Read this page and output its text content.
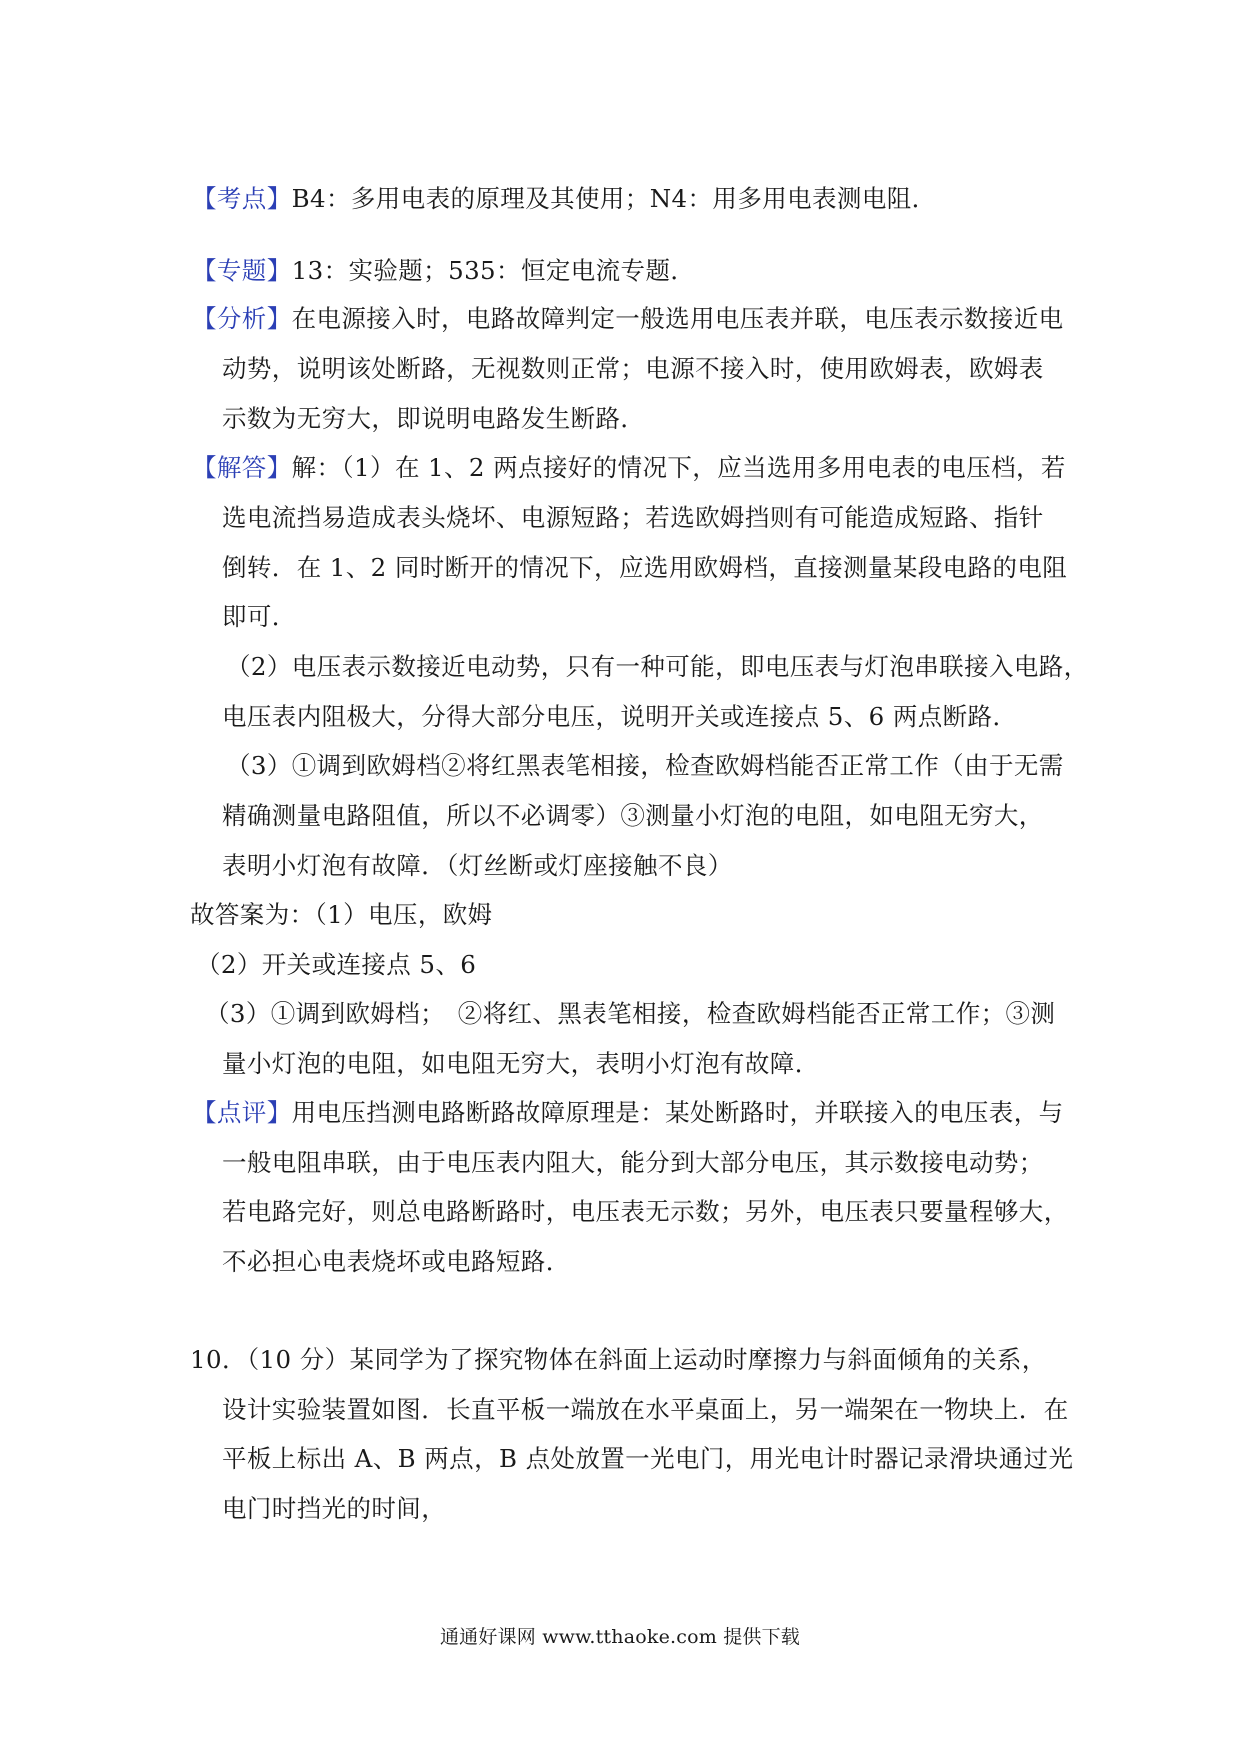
【考点】B4：多用电表的原理及其使用；N4：用多用电表测电阻．
【专题】13：实验题；535：恒定电流专题．
【分析】在电源接入时，电路故障判定一般选用电压表并联，电压表示数接近电
动势，说明该处断路，无视数则正常；电源不接入时，使用欧姆表，欧姆表
示数为无穷大，即说明电路发生断路．
【解答】解：（1）在 1、2 两点接好的情况下，应当选用多用电表的电压档，若
选电流挡易造成表头烧坏、电源短路；若选欧姆挡则有可能造成短路、指针
倒转．在 1、2 同时断开的情况下，应选用欧姆档，直接测量某段电路的电阻
即可．
（2）电压表示数接近电动势，只有一种可能，即电压表与灯泡串联接入电路，
电压表内阻极大，分得大部分电压，说明开关或连接点 5、6 两点断路．
（3）①调到欧姆档②将红黑表笔相接，检查欧姆档能否正常工作（由于无需
精确测量电路阻值，所以不必调零）③测量小灯泡的电阻，如电阻无穷大，
表明小灯泡有故障．（灯丝断或灯座接触不良）
故答案为：（1）电压，欧姆
（2）开关或连接点 5、6
（3）①调到欧姆档；　②将红、黑表笔相接，检查欧姆档能否正常工作；③测
量小灯泡的电阻，如电阻无穷大，表明小灯泡有故障．
【点评】用电压挡测电路断路故障原理是：某处断路时，并联接入的电压表，与
一般电阻串联，由于电压表内阻大，能分到大部分电压，其示数接电动势；
若电路完好，则总电路断路时，电压表无示数；另外，电压表只要量程够大，
不必担心电表烧坏或电路短路．
10．（10 分）某同学为了探究物体在斜面上运动时摩擦力与斜面倾角的关系，
设计实验装置如图．长直平板一端放在水平桌面上，另一端架在一物块上．在
平板上标出 A、B 两点，B 点处放置一光电门，用光电计时器记录滑块通过光
电门时挡光的时间，
通通好课网 www.tthaoke.com 提供下载
